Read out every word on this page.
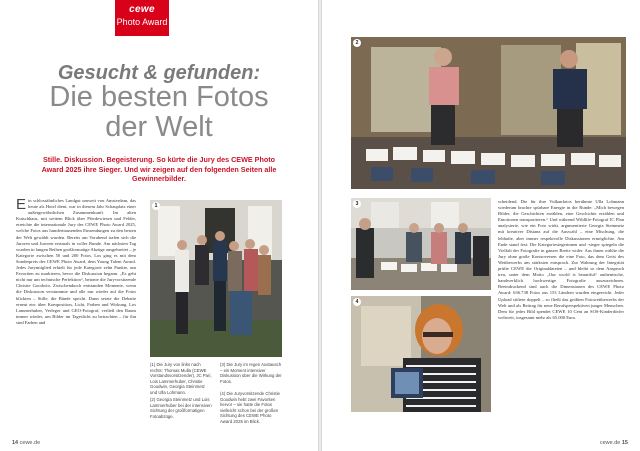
cewe
Photo Award
Gesucht & gefunden:
Die besten Fotos
der Welt
Stille. Diskussion. Begeisterung. So kürte die Jury des CEWE Photo Award 2025 ihre Sieger. Und wir zeigen auf den folgenden Seiten alle Gewinnerbilder.
Ein schlossähnliches Landgut umweit von Amsterdam, das heute als Hotel dient, war in diesem Jahr Schauplatz einer außergewöhnlichen Zusammenkunft. Im alten Kutschhaus, mit weitem Blick über Pferdewiesen und Felder, erreichte die internationale Jury des CEWE Photo Award 2025, welche Fotos aus hunderttausenden Einsendungen zu den besten der Welt gewählt wurden. Bereits am Vorabend trafen sich die Juroren und Juroren erstmals in voller Runde. Am nächsten Tag wurden in langen Reihen großformatige Abzüge ausgebreitet – je Kategorie zwischen 50 und 200 Fotos. Los ging es mit dem Sonderpreis des CEWE Photo Award, dem Young Talent Award. Jedes Jurymitglied erhielt für jede Kategorie zehn Punkte, um Favoriten zu markieren, bevor die Diskussion begann. „Es geht nicht nur um technische Perfektion“, betonte die Juryvorsitzende Christie Goodwin. Zwischendurch entstanden Momente, wenn die Diskussion verstummte und alle nur wieder auf die Fotos blickten – Stille, die Bände spricht. Dann setzte die Debatte erneut ein: über Komposition, Licht, Farben und Wirkung. Los Lammerhuber, Verleger und GEO-Fotograf, verließ den Raum immer wieder, um Bilder im Tageslicht zu betrachten – für ihn sind Farben and
1
(1) Die Jury von links nach rechts: Thomas Mulla (CEWE Vorstandsvorsitzender), JC Pari, Lois Lammerhuber, Christie Goodwin, Georgia Steinmetz und Ulla Lohmann.
(2) Georgia Steinmetz und Lois Lammerhuber bei der intensiven Sichtung der großformatigen Fotoabzüge.
(3) Die Jury im regen Austausch – ein Moment intensiver Diskussion über die Wirkung der Fotos.
(4) Die Juryvorsitzende Christie Goodwin hebt zwei Favoriten hervor – sie hatte die Fotos vielleicht schon bei der großen Sichtung des CEWE Photo Award 2025 im Blick.
14 cewe.de
2
3
4
scheidend. Die für ihre Vulkanfotos berühmte Ulla Lohmann wiederum brachte spürbare Energie in die Runde: „Mich bewegen Bilder, die Geschichten erzählen, eine Geschichte erzählen und Emotionen transportieren.“ Und während Wildlife-Fotograf JC Plan analysierte, wie ein Foto wirkt, argumentierte Georgia Steinmetz mit kreativer Distanz auf die Auswahl – eine Mischung, die lebhafte, aber immer respektvolle Diskussionen ermöglichte. Am Ende stand fest: Die Kategoriesiegerinnen und -sieger spiegeln die Vielfalt der Fotografie in ganzer Breite wider. Aus ihnen wählte die Jury ohne große Kontroversen die eine Foto, das dem Geist des Wettbewerbs am stärksten entsprach. Zur Wahrung der Integrität prüfte CEWE die Originaldateien – und bleibt so dem Anspruch treu, unter dem Motto „Our world is beautiful“ authentische, handwerklich hochwertige Fotografie auszuzeichnen. Beeindruckend sind auch die Dimensionen des CEWE Photo Award: 636.738 Fotos aus 153 Ländern wurden eingereicht. Jeder Upload stiftete doppelt – so fließt das größten Fotowettbewerbs der Welt und als Beitrag für neue Berufsperspektiven junger Menschen. Dem für jedes Bild spendet CEWE 10 Cent an SOS-Kinderdörfer weltweit, insgesamt mehr als 65.000 Euro.
cewe.de 15
